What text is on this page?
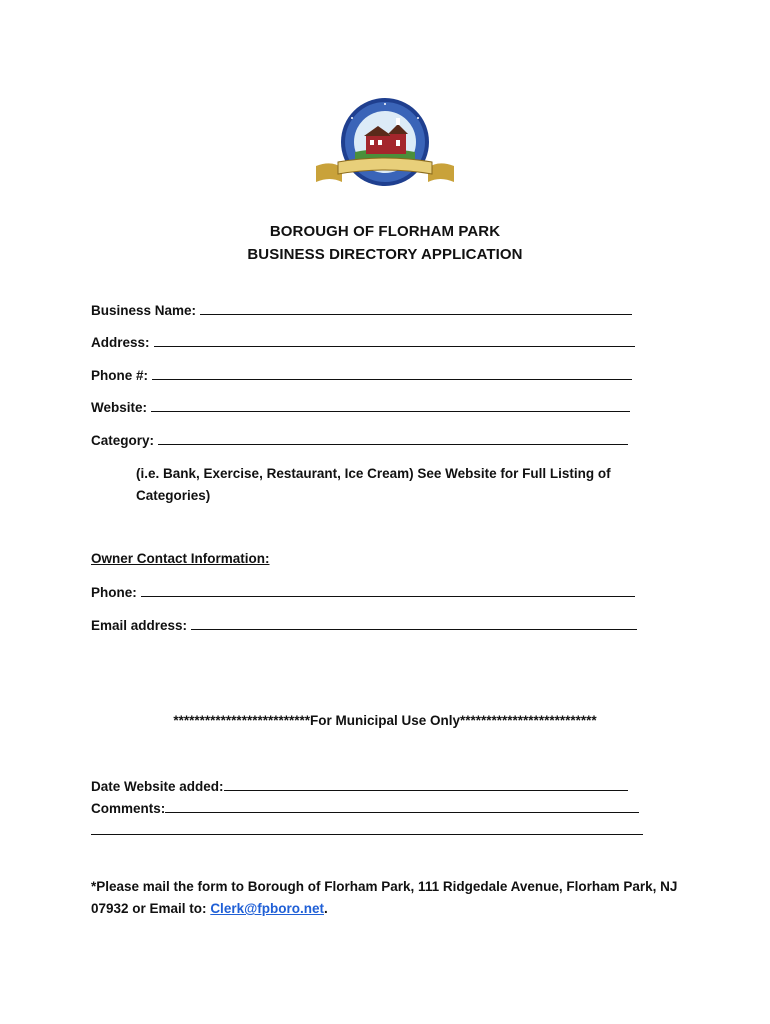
BOROUGH OF FLORHAM PARK
BUSINESS DIRECTORY APPLICATION
Business Name:
Address:
Phone #:
Website:
Category:
(i.e. Bank, Exercise, Restaurant, Ice Cream) See Website for Full Listing of Categories)
Owner Contact Information:
Phone:
Email address:
**************************For Municipal Use Only**************************
Date Website added:
Comments:
*Please mail the form to Borough of Florham Park, 111 Ridgedale Avenue, Florham Park, NJ 07932 or Email to: Clerk@fpboro.net.
